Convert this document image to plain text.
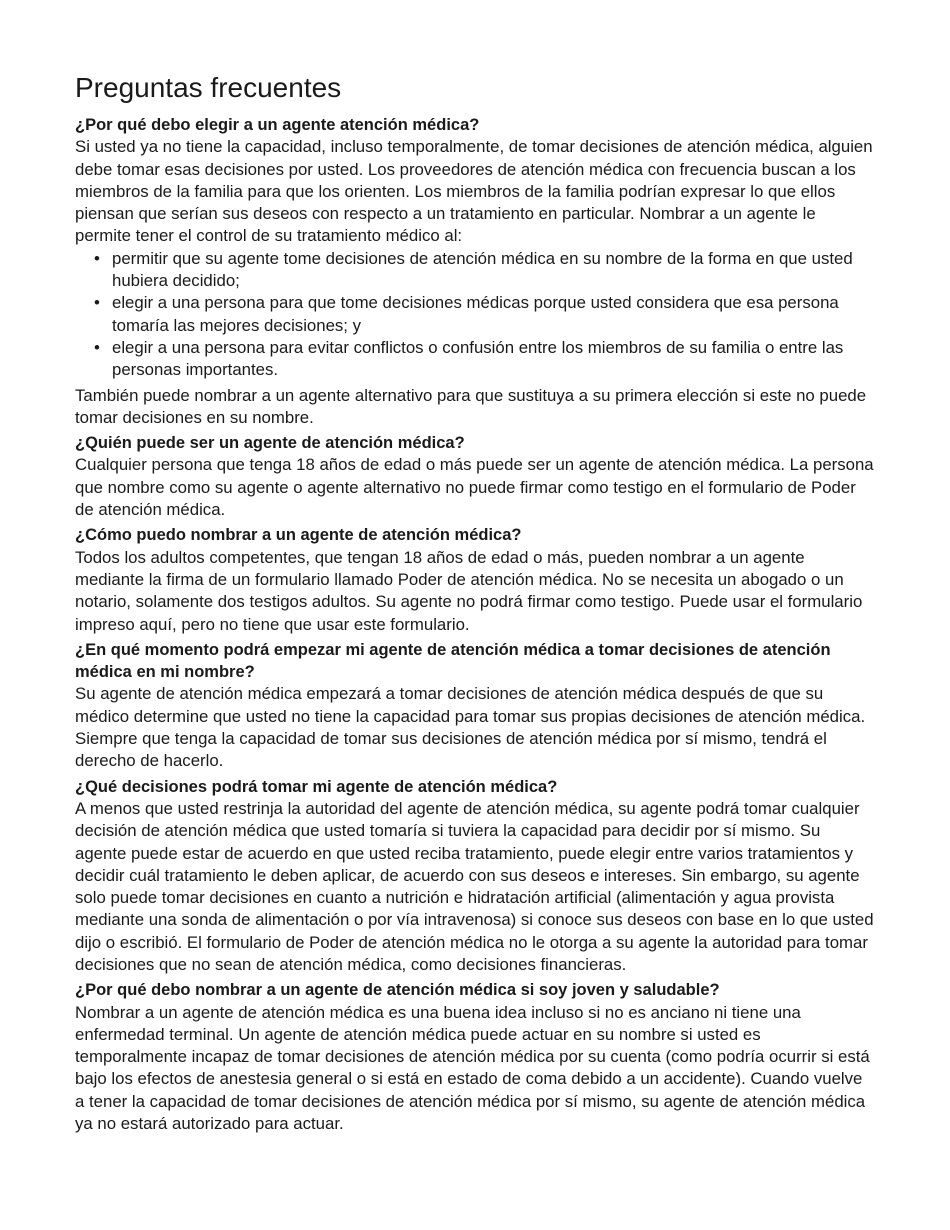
Preguntas frecuentes

¿Por qué debo elegir a un agente atención médica?

Si usted ya no tiene la capacidad, incluso temporalmente, de tomar decisiones de atención médica, alguien debe tomar esas decisiones por usted. Los proveedores de atención médica con frecuencia buscan a los miembros de la familia para que los orienten. Los miembros de la familia podrían expresar lo que ellos piensan que serían sus deseos con respecto a un tratamiento en particular. Nombrar a un agente le permite tener el control de su tratamiento médico al:

• permitir que su agente tome decisiones de atención médica en su nombre de la forma en que usted hubiera decidido;
• elegir a una persona para que tome decisiones médicas porque usted considera que esa persona tomaría las mejores decisiones; y
• elegir a una persona para evitar conflictos o confusión entre los miembros de su familia o entre las personas importantes.

También puede nombrar a un agente alternativo para que sustituya a su primera elección si este no puede tomar decisiones en su nombre.

¿Quién puede ser un agente de atención médica?

Cualquier persona que tenga 18 años de edad o más puede ser un agente de atención médica. La persona que nombre como su agente o agente alternativo no puede firmar como testigo en el formulario de Poder de atención médica.

¿Cómo puedo nombrar a un agente de atención médica?

Todos los adultos competentes, que tengan 18 años de edad o más, pueden nombrar a un agente mediante la firma de un formulario llamado Poder de atención médica. No se necesita un abogado o un notario, solamente dos testigos adultos. Su agente no podrá firmar como testigo. Puede usar el formulario impreso aquí, pero no tiene que usar este formulario.

¿En qué momento podrá empezar mi agente de atención médica a tomar decisiones de atención médica en mi nombre?

Su agente de atención médica empezará a tomar decisiones de atención médica después de que su médico determine que usted no tiene la capacidad para tomar sus propias decisiones de atención médica. Siempre que tenga la capacidad de tomar sus decisiones de atención médica por sí mismo, tendrá el derecho de hacerlo.

¿Qué decisiones podrá tomar mi agente de atención médica?

A menos que usted restrinja la autoridad del agente de atención médica, su agente podrá tomar cualquier decisión de atención médica que usted tomaría si tuviera la capacidad para decidir por sí mismo. Su agente puede estar de acuerdo en que usted reciba tratamiento, puede elegir entre varios tratamientos y decidir cuál tratamiento le deben aplicar, de acuerdo con sus deseos e intereses. Sin embargo, su agente solo puede tomar decisiones en cuanto a nutrición e hidratación artificial (alimentación y agua provista mediante una sonda de alimentación o por vía intravenosa) si conoce sus deseos con base en lo que usted dijo o escribió. El formulario de Poder de atención médica no le otorga a su agente la autoridad para tomar decisiones que no sean de atención médica, como decisiones financieras.

¿Por qué debo nombrar a un agente de atención médica si soy joven y saludable?

Nombrar a un agente de atención médica es una buena idea incluso si no es anciano ni tiene una enfermedad terminal. Un agente de atención médica puede actuar en su nombre si usted es temporalmente incapaz de tomar decisiones de atención médica por su cuenta (como podría ocurrir si está bajo los efectos de anestesia general o si está en estado de coma debido a un accidente). Cuando vuelve a tener la capacidad de tomar decisiones de atención médica por sí mismo, su agente de atención médica ya no estará autorizado para actuar.
